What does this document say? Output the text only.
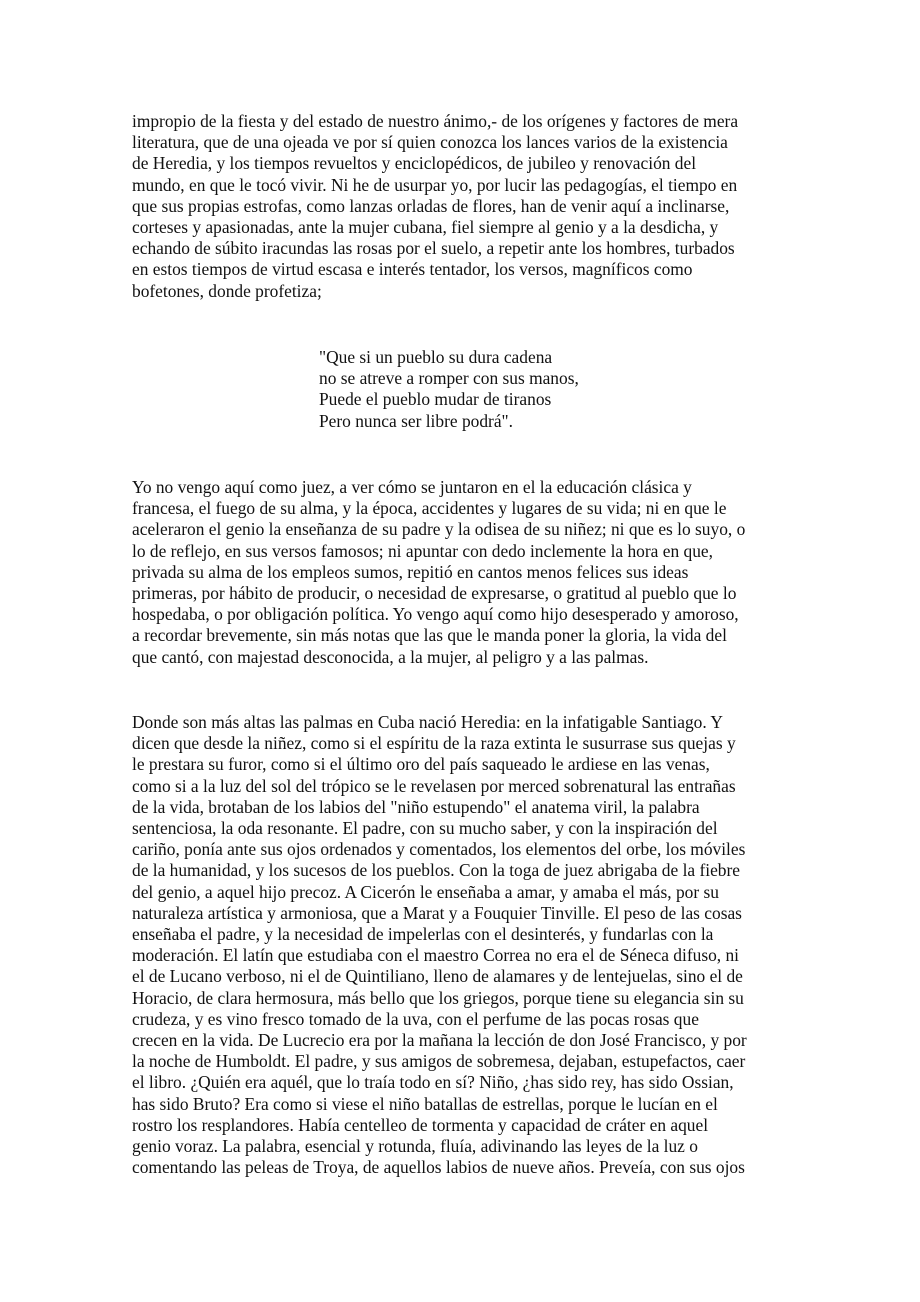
impropio de la fiesta y del estado de nuestro ánimo,- de los orígenes y factores de mera
literatura, que de una ojeada ve por sí quien conozca los lances varios de la existencia
de Heredia, y los tiempos revueltos y enciclopédicos, de jubileo y renovación del
mundo, en que le tocó vivir. Ni he de usurpar yo, por lucir las pedagogías, el tiempo en
que sus propias estrofas, como lanzas orladas de flores, han de venir aquí a inclinarse,
corteses y apasionadas, ante la mujer cubana, fiel siempre al genio y a la desdicha, y
echando de súbito iracundas las rosas por el suelo, a repetir ante los hombres, turbados
en estos tiempos de virtud escasa e interés tentador, los versos, magníficos como
bofetones, donde profetiza;
"Que si un pueblo su dura cadena
no se atreve a romper con sus manos,
Puede el pueblo mudar de tiranos
Pero nunca ser libre podrá".
Yo no vengo aquí como juez, a ver cómo se juntaron en el la educación clásica y
francesa, el fuego de su alma, y la época, accidentes y lugares de su vida; ni en que le
aceleraron el genio la enseñanza de su padre y la odisea de su niñez; ni que es lo suyo, o
lo de reflejo, en sus versos famosos; ni apuntar con dedo inclemente la hora en que,
privada su alma de los empleos sumos, repitió en cantos menos felices sus ideas
primeras, por hábito de producir, o necesidad de expresarse, o gratitud al pueblo que lo
hospedaba, o por obligación política. Yo vengo aquí como hijo desesperado y amoroso,
a recordar brevemente, sin más notas que las que le manda poner la gloria, la vida del
que cantó, con majestad desconocida, a la mujer, al peligro y a las palmas.
Donde son más altas las palmas en Cuba nació Heredia: en la infatigable Santiago. Y
dicen que desde la niñez, como si el espíritu de la raza extinta le susurrase sus quejas y
le prestara su furor, como si el último oro del país saqueado le ardiese en las venas,
como si a la luz del sol del trópico se le revelasen por merced sobrenatural las entrañas
de la vida, brotaban de los labios del "niño estupendo" el anatema viril, la palabra
sentenciosa, la oda resonante. El padre, con su mucho saber, y con la inspiración del
cariño, ponía ante sus ojos ordenados y comentados, los elementos del orbe, los móviles
de la humanidad, y los sucesos de los pueblos. Con la toga de juez abrigaba de la fiebre
del genio, a aquel hijo precoz. A Cicerón le enseñaba a amar, y amaba el más, por su
naturaleza artística y armoniosa, que a Marat y a Fouquier Tinville. El peso de las cosas
enseñaba el padre, y la necesidad de impelerlas con el desinterés, y fundarlas con la
moderación. El latín que estudiaba con el maestro Correa no era el de Séneca difuso, ni
el de Lucano verboso, ni el de Quintiliano, lleno de alamares y de lentejuelas, sino el de
Horacio, de clara hermosura, más bello que los griegos, porque tiene su elegancia sin su
crudeza, y es vino fresco tomado de la uva, con el perfume de las pocas rosas que
crecen en la vida. De Lucrecio era por la mañana la lección de don José Francisco, y por
la noche de Humboldt. El padre, y sus amigos de sobremesa, dejaban, estupefactos, caer
el libro. ¿Quién era aquél, que lo traía todo en sí? Niño, ¿has sido rey, has sido Ossian,
has sido Bruto? Era como si viese el niño batallas de estrellas, porque le lucían en el
rostro los resplandores. Había centelleo de tormenta y capacidad de cráter en aquel
genio voraz. La palabra, esencial y rotunda, fluía, adivinando las leyes de la luz o
comentando las peleas de Troya, de aquellos labios de nueve años. Preveía, con sus ojos
